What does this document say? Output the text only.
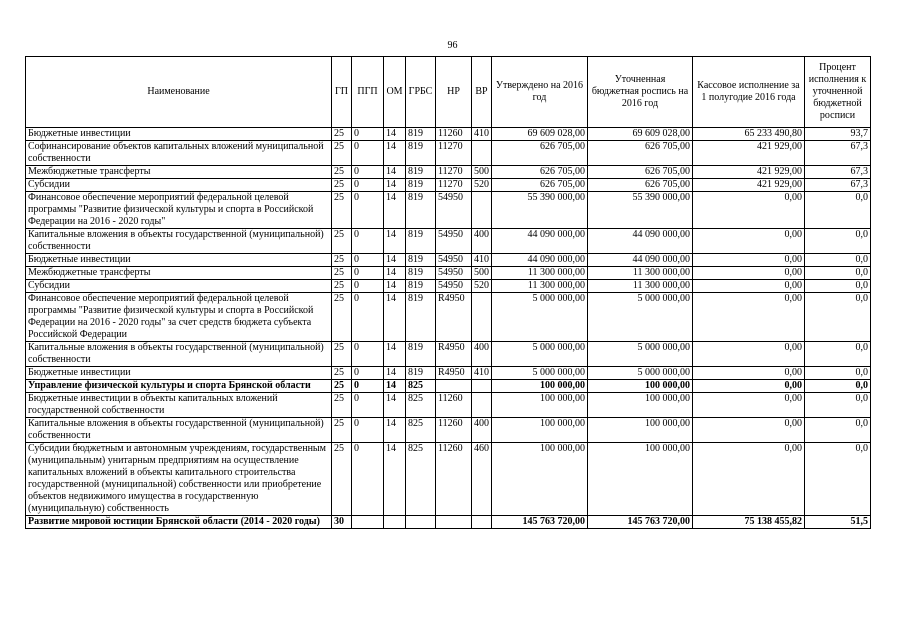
96
Наименование	ГП	ПГП	ОМ	ГРБС	НР	ВР	Утверждено на 2016 год	Уточненная бюджетная роспись на 2016 год	Кассовое исполнение за 1 полугодие 2016 года	Процент исполнения к уточненной бюджетной росписи
Бюджетные инвестиции	25	0	14	819	11260	410	69 609 028,00	69 609 028,00	65 233 490,80	93,7
Софинансирование объектов капитальных вложений муниципальной собственности	25	0	14	819	11270		626 705,00	626 705,00	421 929,00	67,3
Межбюджетные трансферты	25	0	14	819	11270	500	626 705,00	626 705,00	421 929,00	67,3
Субсидии	25	0	14	819	11270	520	626 705,00	626 705,00	421 929,00	67,3
Финансовое обеспечение мероприятий федеральной целевой программы "Развитие физической культуры и спорта в Российской Федерации на 2016 - 2020 годы"	25	0	14	819	54950		55 390 000,00	55 390 000,00	0,00	0,0
Капитальные вложения в объекты государственной (муниципальной) собственности	25	0	14	819	54950	400	44 090 000,00	44 090 000,00	0,00	0,0
Бюджетные инвестиции	25	0	14	819	54950	410	44 090 000,00	44 090 000,00	0,00	0,0
Межбюджетные трансферты	25	0	14	819	54950	500	11 300 000,00	11 300 000,00	0,00	0,0
Субсидии	25	0	14	819	54950	520	11 300 000,00	11 300 000,00	0,00	0,0
Финансовое обеспечение мероприятий федеральной целевой программы "Развитие физической культуры и спорта в Российской Федерации на 2016 - 2020 годы" за счет средств бюджета субъекта Российской Федерации	25	0	14	819	R4950		5 000 000,00	5 000 000,00	0,00	0,0
Капитальные вложения в объекты государственной (муниципальной) собственности	25	0	14	819	R4950	400	5 000 000,00	5 000 000,00	0,00	0,0
Бюджетные инвестиции	25	0	14	819	R4950	410	5 000 000,00	5 000 000,00	0,00	0,0
Управление физической культуры и спорта Брянской области	25	0	14	825			100 000,00	100 000,00	0,00	0,0
Бюджетные инвестиции в объекты капитальных вложений государственной собственности	25	0	14	825	11260		100 000,00	100 000,00	0,00	0,0
Капитальные вложения в объекты государственной (муниципальной) собственности	25	0	14	825	11260	400	100 000,00	100 000,00	0,00	0,0
Субсидии бюджетным и автономным учреждениям, государственным (муниципальным) унитарным предприятиям на осуществление капитальных вложений в объекты капитального строительства государственной (муниципальной) собственности или приобретение объектов недвижимого имущества в государственную (муниципальную) собственность	25	0	14	825	11260	460	100 000,00	100 000,00	0,00	0,0
Развитие мировой юстиции Брянской области (2014 - 2020 годы)	30						145 763 720,00	145 763 720,00	75 138 455,82	51,5
